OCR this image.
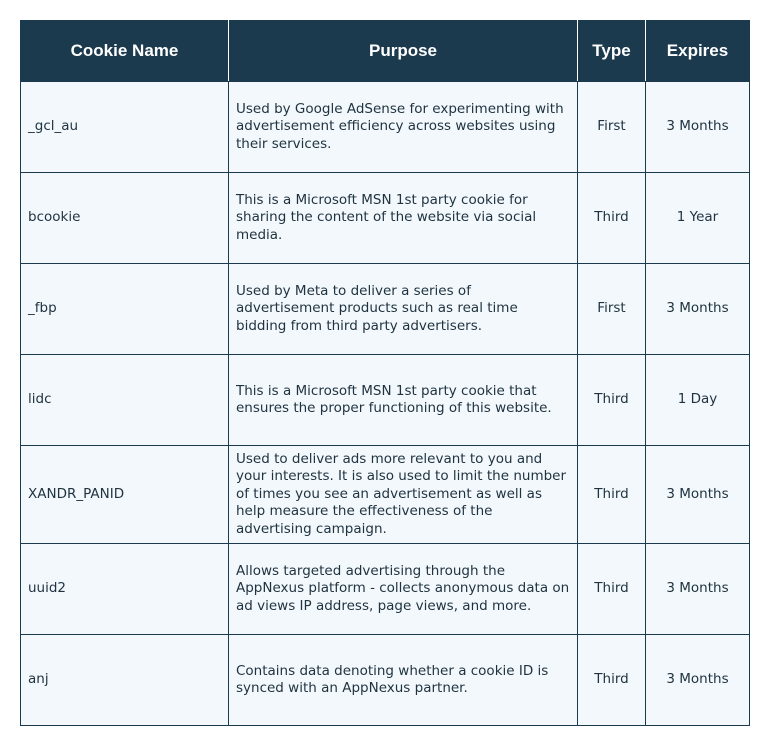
Cookie Name	Purpose	Type	Expires
_gcl_au	Used by Google AdSense for experimenting with advertisement efficiency across websites using their services.	First	3 Months
bcookie	This is a Microsoft MSN 1st party cookie for sharing the content of the website via social media.	Third	1 Year
_fbp	Used by Meta to deliver a series of advertisement products such as real time bidding from third party advertisers.	First	3 Months
lidc	This is a Microsoft MSN 1st party cookie that ensures the proper functioning of this website.	Third	1 Day
XANDR_PANID	Used to deliver ads more relevant to you and your interests. It is also used to limit the number of times you see an advertisement as well as help measure the effectiveness of the advertising campaign.	Third	3 Months
uuid2	Allows targeted advertising through the AppNexus platform - collects anonymous data on ad views IP address, page views, and more.	Third	3 Months
anj	Contains data denoting whether a cookie ID is synced with an AppNexus partner.	Third	3 Months
